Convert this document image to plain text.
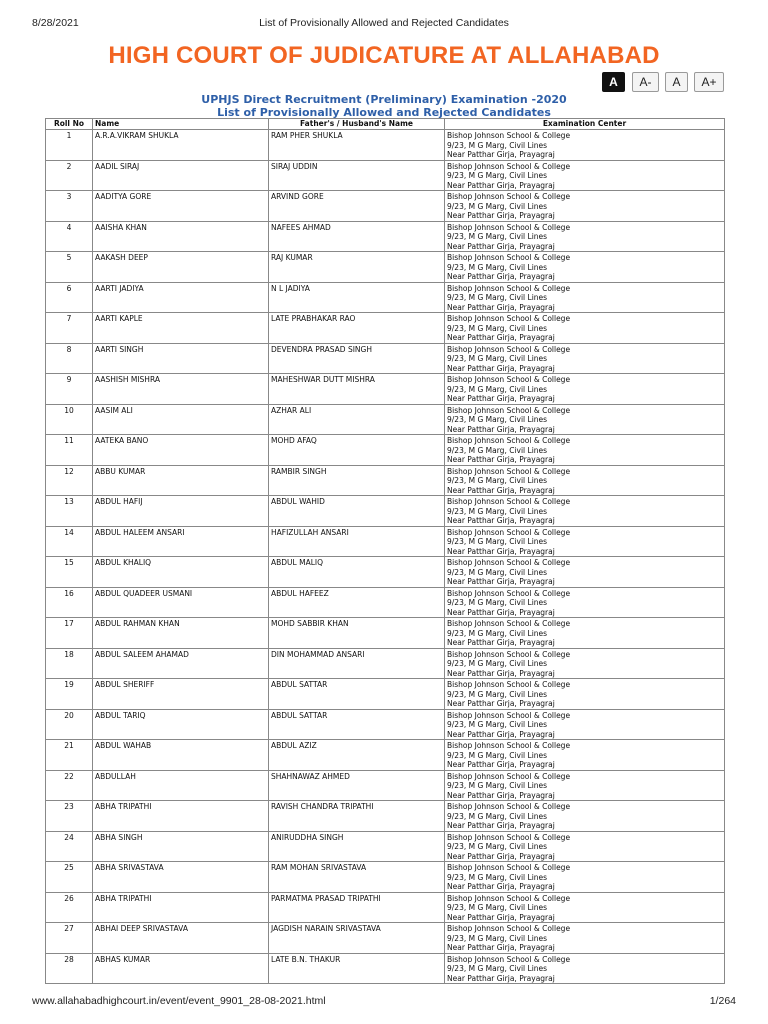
8/28/2021	List of Provisionally Allowed and Rejected Candidates
HIGH COURT OF JUDICATURE AT ALLAHABAD
A	A-	A	A+
UPHJS Direct Recruitment (Preliminary) Examination -2020
List of Provisionally Allowed and Rejected Candidates
Roll No	Name	Father's / Husband's Name	Examination Center
1	A.R.A.VIKRAM SHUKLA	RAM PHER SHUKLA	Bishop Johnson School & College
9/23, M G Marg, Civil Lines
Near Patthar Girja, Prayagraj

2	AADIL SIRAJ	SIRAJ UDDIN	Bishop Johnson School & College
9/23, M G Marg, Civil Lines
Near Patthar Girja, Prayagraj

3	AADITYA GORE	ARVIND GORE	Bishop Johnson School & College
9/23, M G Marg, Civil Lines
Near Patthar Girja, Prayagraj

4	AAISHA KHAN	NAFEES AHMAD	Bishop Johnson School & College
9/23, M G Marg, Civil Lines
Near Patthar Girja, Prayagraj

5	AAKASH DEEP	RAJ KUMAR	Bishop Johnson School & College
9/23, M G Marg, Civil Lines
Near Patthar Girja, Prayagraj

6	AARTI JADIYA	N L JADIYA	Bishop Johnson School & College
9/23, M G Marg, Civil Lines
Near Patthar Girja, Prayagraj

7	AARTI KAPLE	LATE PRABHAKAR RAO	Bishop Johnson School & College
9/23, M G Marg, Civil Lines
Near Patthar Girja, Prayagraj

8	AARTI SINGH	DEVENDRA PRASAD SINGH	Bishop Johnson School & College
9/23, M G Marg, Civil Lines
Near Patthar Girja, Prayagraj

9	AASHISH MISHRA	MAHESHWAR DUTT MISHRA	Bishop Johnson School & College
9/23, M G Marg, Civil Lines
Near Patthar Girja, Prayagraj

10	AASIM ALI	AZHAR ALI	Bishop Johnson School & College
9/23, M G Marg, Civil Lines
Near Patthar Girja, Prayagraj

11	AATEKA BANO	MOHD AFAQ	Bishop Johnson School & College
9/23, M G Marg, Civil Lines
Near Patthar Girja, Prayagraj

12	ABBU KUMAR	RAMBIR SINGH	Bishop Johnson School & College
9/23, M G Marg, Civil Lines
Near Patthar Girja, Prayagraj

13	ABDUL HAFIJ	ABDUL WAHID	Bishop Johnson School & College
9/23, M G Marg, Civil Lines
Near Patthar Girja, Prayagraj

14	ABDUL HALEEM ANSARI	HAFIZULLAH ANSARI	Bishop Johnson School & College
9/23, M G Marg, Civil Lines
Near Patthar Girja, Prayagraj

15	ABDUL KHALIQ	ABDUL MALIQ	Bishop Johnson School & College
9/23, M G Marg, Civil Lines
Near Patthar Girja, Prayagraj

16	ABDUL QUADEER USMANI	ABDUL HAFEEZ	Bishop Johnson School & College
9/23, M G Marg, Civil Lines
Near Patthar Girja, Prayagraj

17	ABDUL RAHMAN KHAN	MOHD SABBIR KHAN	Bishop Johnson School & College
9/23, M G Marg, Civil Lines
Near Patthar Girja, Prayagraj

18	ABDUL SALEEM AHAMAD	DIN MOHAMMAD ANSARI	Bishop Johnson School & College
9/23, M G Marg, Civil Lines
Near Patthar Girja, Prayagraj

19	ABDUL SHERIFF	ABDUL SATTAR	Bishop Johnson School & College
9/23, M G Marg, Civil Lines
Near Patthar Girja, Prayagraj

20	ABDUL TARIQ	ABDUL SATTAR	Bishop Johnson School & College
9/23, M G Marg, Civil Lines
Near Patthar Girja, Prayagraj

21	ABDUL WAHAB	ABDUL AZIZ	Bishop Johnson School & College
9/23, M G Marg, Civil Lines
Near Patthar Girja, Prayagraj

22	ABDULLAH	SHAHNAWAZ AHMED	Bishop Johnson School & College
9/23, M G Marg, Civil Lines
Near Patthar Girja, Prayagraj

23	ABHA TRIPATHI	RAVISH CHANDRA TRIPATHI	Bishop Johnson School & College
9/23, M G Marg, Civil Lines
Near Patthar Girja, Prayagraj

24	ABHA SINGH	ANIRUDDHA SINGH	Bishop Johnson School & College
9/23, M G Marg, Civil Lines
Near Patthar Girja, Prayagraj

25	ABHA SRIVASTAVA	RAM MOHAN SRIVASTAVA	Bishop Johnson School & College
9/23, M G Marg, Civil Lines
Near Patthar Girja, Prayagraj

26	ABHA TRIPATHI	PARMATMA PRASAD TRIPATHI	Bishop Johnson School & College
9/23, M G Marg, Civil Lines
Near Patthar Girja, Prayagraj

27	ABHAI DEEP SRIVASTAVA	JAGDISH NARAIN SRIVASTAVA	Bishop Johnson School & College
9/23, M G Marg, Civil Lines
Near Patthar Girja, Prayagraj

28	ABHAS KUMAR	LATE B.N. THAKUR	Bishop Johnson School & College
9/23, M G Marg, Civil Lines
Near Patthar Girja, Prayagraj
www.allahabadhighcourt.in/event/event_9901_28-08-2021.html	1/264
